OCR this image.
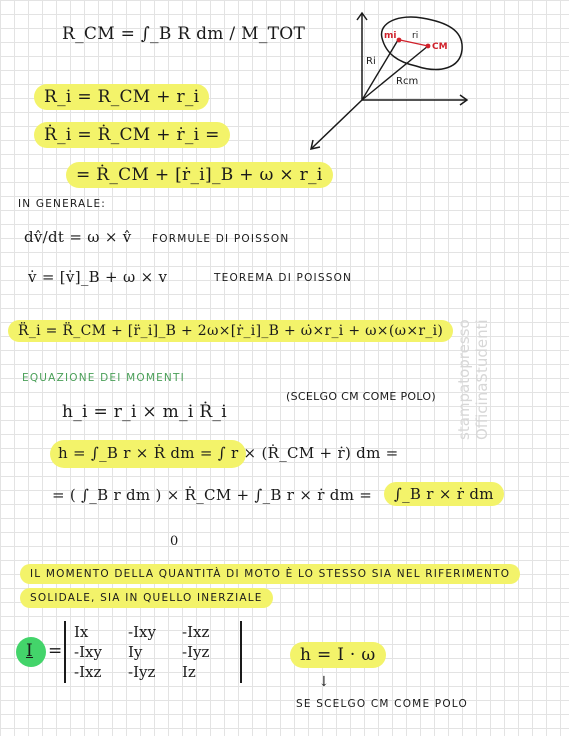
R_CM = ∫_B R dm / M_TOT	mi ri
CM
Ri
Rcm
R_i = R_CM + r_i
Ṙ_i = Ṙ_CM + ṙ_i =
= Ṙ_CM + [ṙ_i]_B + ω × r_i
IN GENERALE:
dv̂/dt = ω × v̂ FORMULE DI POISSON
v̇ = [v̇]_B + ω × v	TEOREMA DI POISSON
R̈_i = R̈_CM + [r̈_i]_B + 2ω×[ṙ_i]_B + ω̇×r_i + ω×(ω×r_i)
EQUAZIONE DEI MOMENTI
(SCELGO CM COME POLO)
h_i = r_i × m_i Ṙ_i
h = ∫_B r × Ṙ dm = ∫ r × (Ṙ_CM + ṙ) dm =
= ( ∫_B r dm ) × Ṙ_CM + ∫_B r × ṙ dm =	∫_B r × ṙ dm
0
IL MOMENTO DELLA QUANTITÀ DI MOTO È LO STESSO SIA NEL RIFERIMENTO
SOLIDALE, SIA IN QUELLO INERZIALE
I =
Ix	-Ixy	-Ixz
-Ixy	Iy	-Iyz
-Ixz	-Iyz	Iz
h = I · ω
↓
SE SCELGO CM COME POLO
stampatopresso OfficinaStudenti
